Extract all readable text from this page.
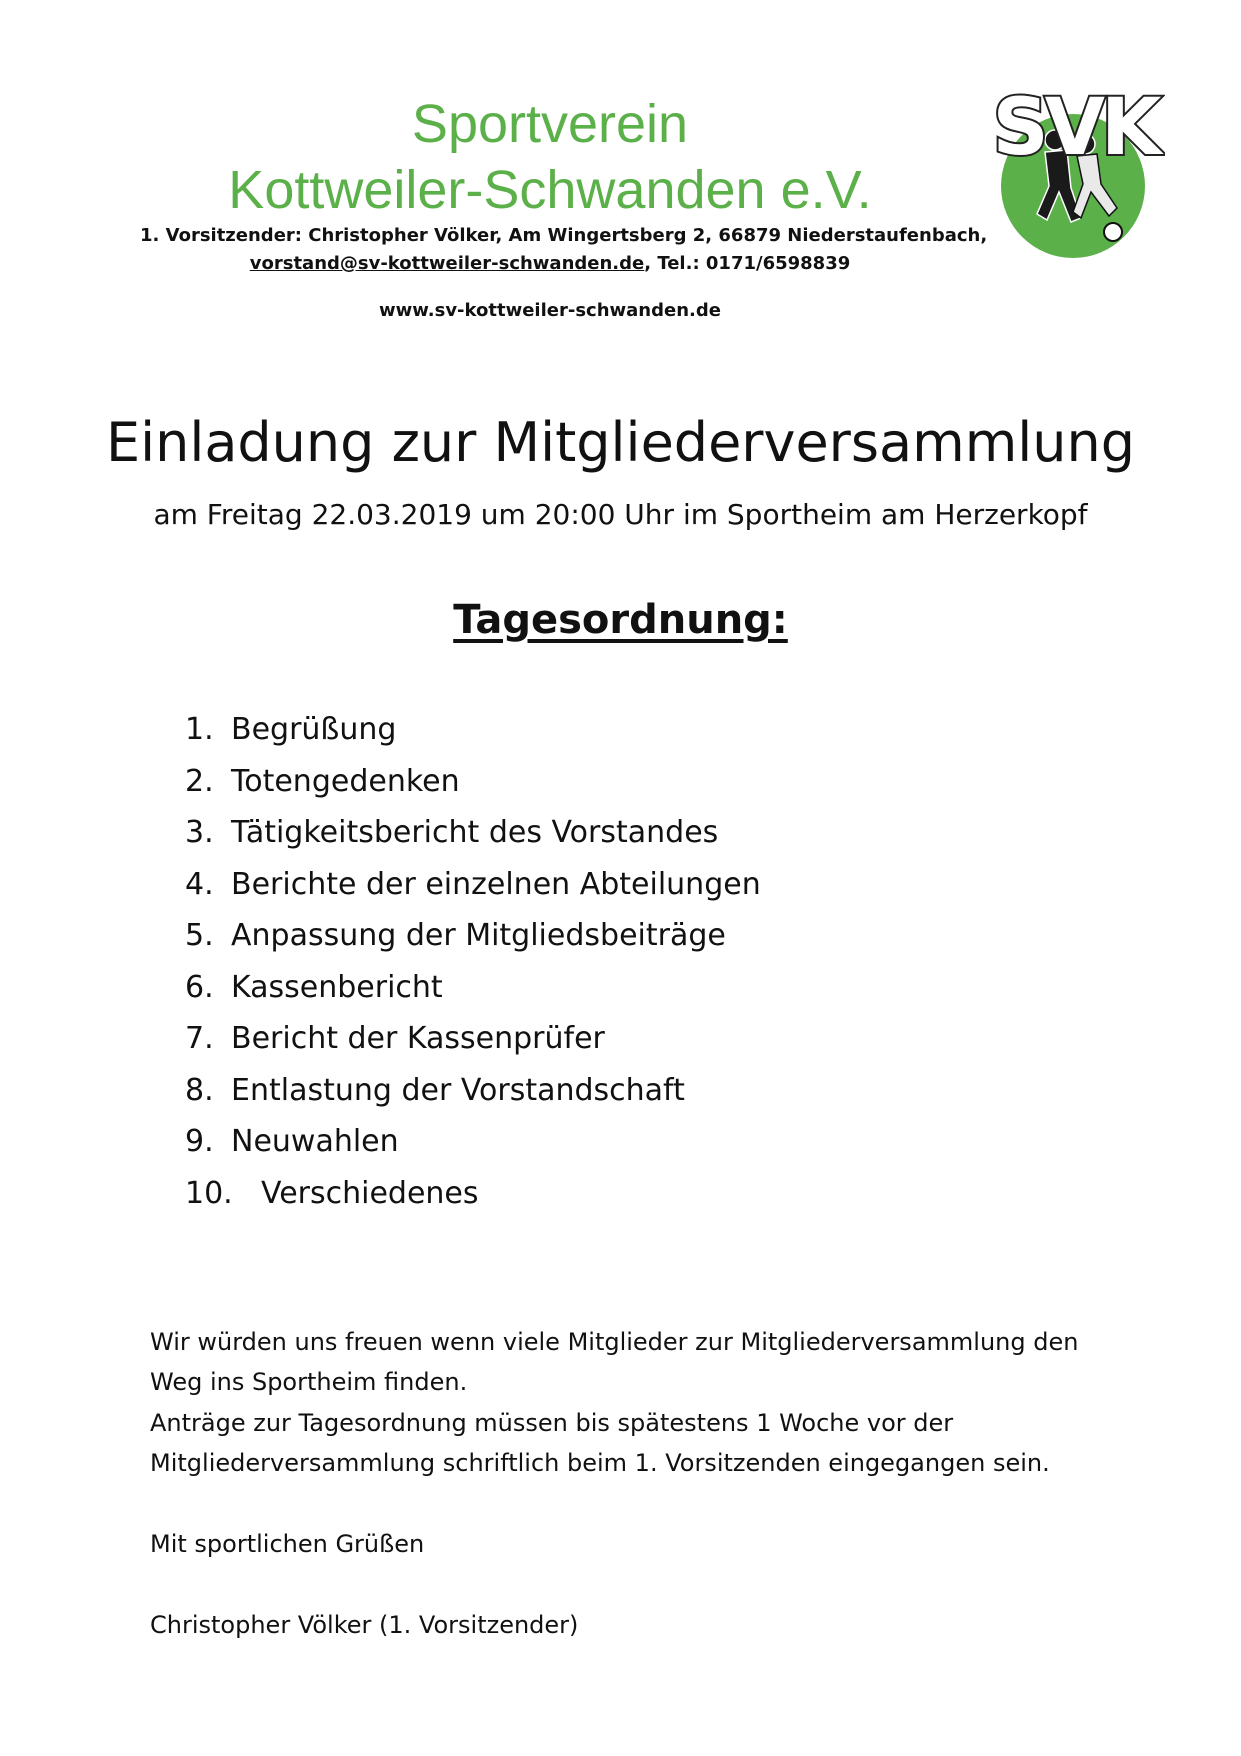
Sportverein
Kottweiler-Schwanden e.V.
1. Vorsitzender: Christopher Völker, Am Wingertsberg 2, 66879 Niederstaufenbach,
vorstand@sv-kottweiler-schwanden.de, Tel.: 0171/6598839
www.sv-kottweiler-schwanden.de
SVK
Einladung zur Mitgliederversammlung
am Freitag 22.03.2019 um 20:00 Uhr im Sportheim am Herzerkopf
Tagesordnung:
1. Begrüßung
2. Totengedenken
3. Tätigkeitsbericht des Vorstandes
4. Berichte der einzelnen Abteilungen
5. Anpassung der Mitgliedsbeiträge
6. Kassenbericht
7. Bericht der Kassenprüfer
8. Entlastung der Vorstandschaft
9. Neuwahlen
10. Verschiedenes
Wir würden uns freuen wenn viele Mitglieder zur Mitgliederversammlung den
Weg ins Sportheim finden.
Anträge zur Tagesordnung müssen bis spätestens 1 Woche vor der
Mitgliederversammlung schriftlich beim 1. Vorsitzenden eingegangen sein.
Mit sportlichen Grüßen
Christopher Völker (1. Vorsitzender)
